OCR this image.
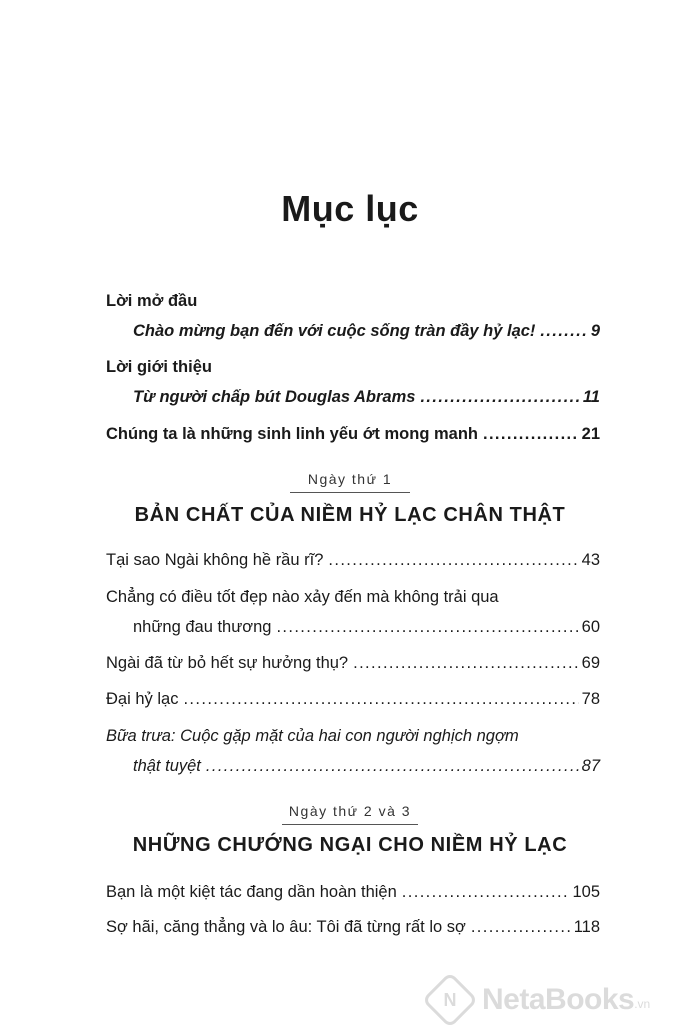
Mục lục
Lời mở đầu
Chào mừng bạn đến với cuộc sống tràn đầy hỷ lạc! . . .	9
Lời giới thiệu
Từ người chấp bút Douglas Abrams . . .	11
Chúng ta là những sinh linh yếu ớt mong manh . . .	21
Tại sao Ngài không hề rầu rĩ? . . .	43
Chẳng có điều tốt đẹp nào xảy đến mà không trải qua
những đau thương . . .	60
Ngài đã từ bỏ hết sự hưởng thụ? . . .	69
Đại hỷ lạc . . .	78
Bữa trưa: Cuộc gặp mặt của hai con người nghịch ngợm
thật tuyệt . . .	87
Bạn là một kiệt tác đang dần hoàn thiện . . .	105
Sợ hãi, căng thẳng và lo âu: Tôi đã từng rất lo sợ . . .	118
Ngày thứ 1
BẢN CHẤT CỦA NIỀM HỶ LẠC CHÂN THẬT
Ngày thứ 2 và 3
NHỮNG CHƯỚNG NGẠI CHO NIỀM HỶ LẠC
N NetaBooks .vn
